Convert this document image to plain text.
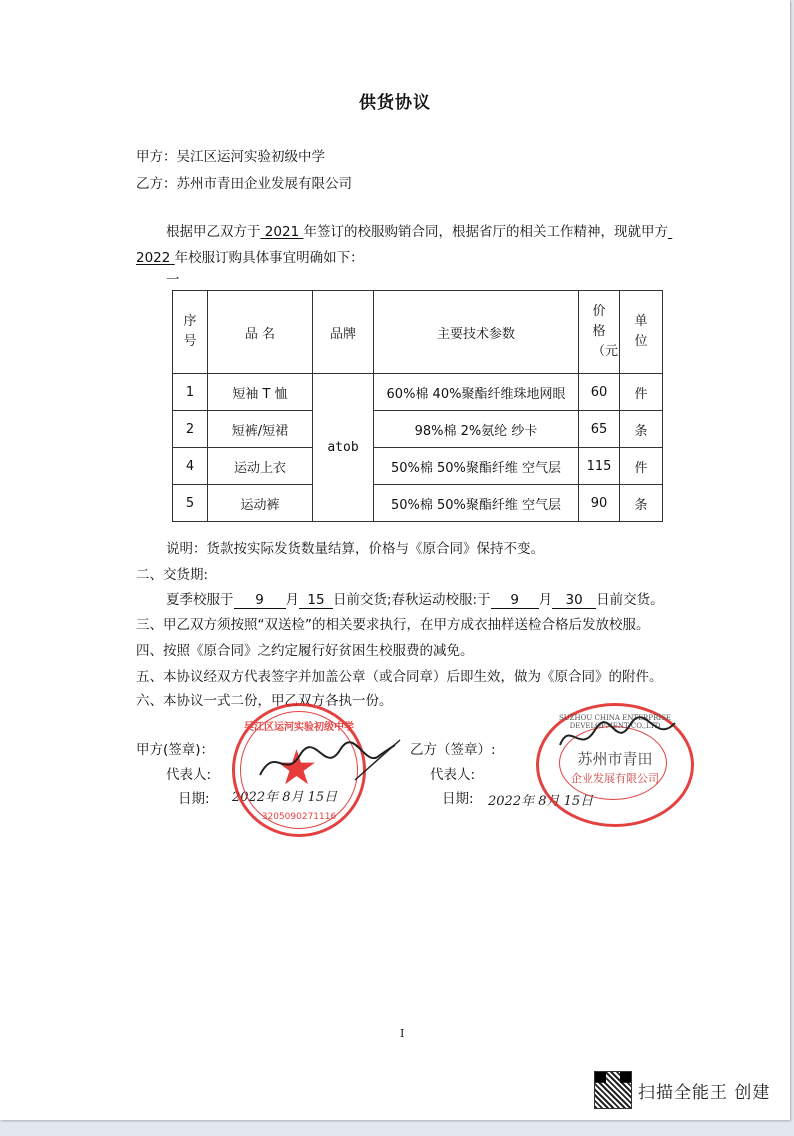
供货协议
甲方：吴江区运河实验初级中学
乙方：苏州市青田企业发展有限公司
根据甲乙双方于 2021 年签订的校服购销合同，根据省厅的相关工作精神，现就甲方
2022 年校服订购具体事宜明确如下：
一
序号	品 名	品牌	主要技术参数	价格（元	单位
1	短袖 T 恤	atob	60%棉 40%聚酯纤维珠地网眼	60	件
2	短裤/短裙		98%棉 2%氨纶 纱卡	65	条
4	运动上衣		50%棉 50%聚酯纤维 空气层	115	件
5	运动裤		50%棉 50%聚酯纤维 空气层	90	条
说明：货款按实际发货数量结算，价格与《原合同》保持不变。
二、交货期:
夏季校服于 9 月 15 日前交货;春秋运动校服:于 9 月 30 日前交货。
三、甲乙双方须按照“双送检”的相关要求执行，在甲方成衣抽样送检合格后发放校服。
四、按照《原合同》之约定履行好贫困生校服费的减免。
五、本协议经双方代表签字并加盖公章（或合同章）后即生效，做为《原合同》的附件。
六、本协议一式二份，甲乙双方各执一份。
甲方(签章)：
代表人:
日期: 2022年 8月 15日
吴江区运河实验初级中学
★
3205090271116
乙方（签章）:
代表人:
日期: 2022年 8月 15日
SUZHOU CHINA ENTERPRISE DEVELOPMENT CO.,LTD
苏州市青田
企业发展有限公司
I
扫描全能王 创建
